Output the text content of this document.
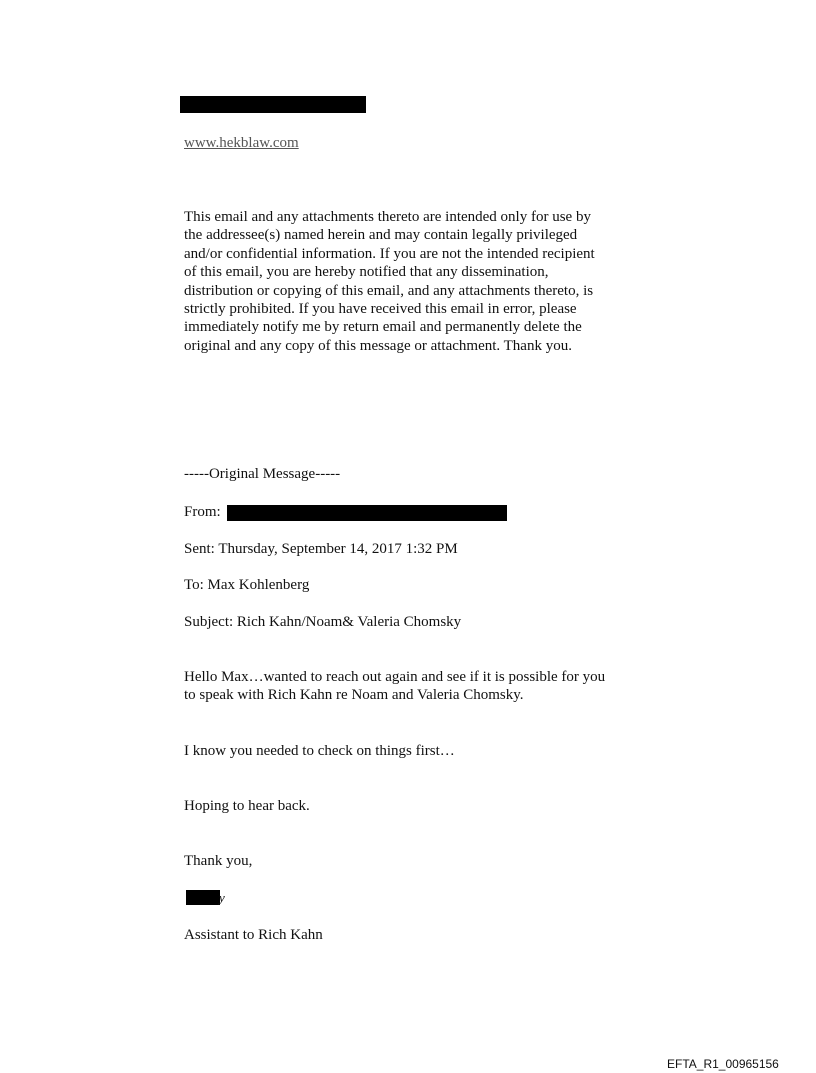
www.hekblaw.com
This email and any attachments thereto are intended only for use by
the addressee(s) named herein and may contain legally privileged
and/or confidential information. If you are not the intended recipient
of this email, you are hereby notified that any dissemination,
distribution or copying of this email, and any attachments thereto, is
strictly prohibited. If you have received this email in error, please
immediately notify me by return email and permanently delete the
original and any copy of this message or attachment. Thank you.
-----Original Message-----
From:
Sent: Thursday, September 14, 2017 1:32 PM
To: Max Kohlenberg
Subject: Rich Kahn/Noam& Valeria Chomsky
Hello Max…wanted to reach out again and see if it is possible for you
to speak with Rich Kahn re Noam and Valeria Chomsky.
I know you needed to check on things first…
Hoping to hear back.
Thank you,
y
Assistant to Rich Kahn
EFTA_R1_00965156
